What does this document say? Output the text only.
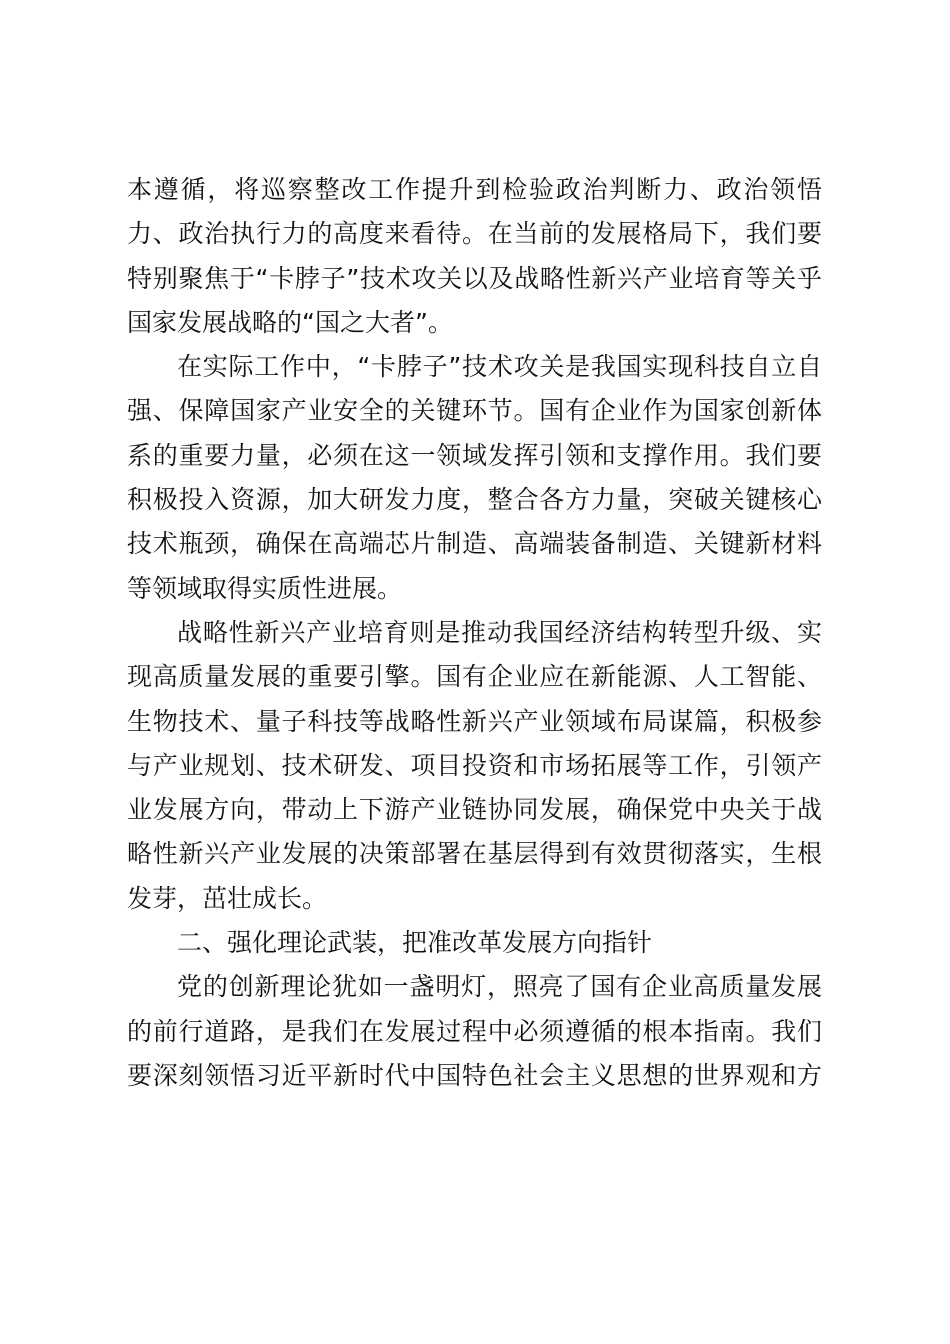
本遵循，将巡察整改工作提升到检验政治判断力、政治领悟
力、政治执行力的高度来看待。在当前的发展格局下，我们要
特别聚焦于“卡脖子”技术攻关以及战略性新兴产业培育等关乎
国家发展战略的“国之大者”。
在实际工作中，“卡脖子”技术攻关是我国实现科技自立自
强、保障国家产业安全的关键环节。国有企业作为国家创新体
系的重要力量，必须在这一领域发挥引领和支撑作用。我们要
积极投入资源，加大研发力度，整合各方力量，突破关键核心
技术瓶颈，确保在高端芯片制造、高端装备制造、关键新材料
等领域取得实质性进展。
战略性新兴产业培育则是推动我国经济结构转型升级、实
现高质量发展的重要引擎。国有企业应在新能源、人工智能、
生物技术、量子科技等战略性新兴产业领域布局谋篇，积极参
与产业规划、技术研发、项目投资和市场拓展等工作，引领产
业发展方向，带动上下游产业链协同发展，确保党中央关于战
略性新兴产业发展的决策部署在基层得到有效贯彻落实，生根
发芽，茁壮成长。
二、强化理论武装，把准改革发展方向指针
党的创新理论犹如一盏明灯，照亮了国有企业高质量发展
的前行道路，是我们在发展过程中必须遵循的根本指南。我们
要深刻领悟习近平新时代中国特色社会主义思想的世界观和方
